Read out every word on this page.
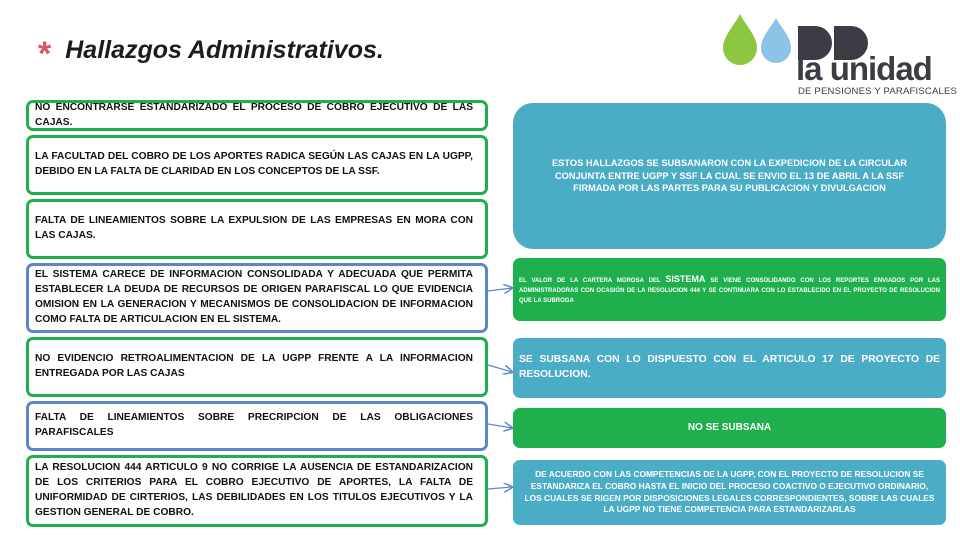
* Hallazgos Administrativos.
la unidad
DE PENSIONES Y PARAFISCALES
NO ENCONTRARSE ESTANDARIZADO EL PROCESO DE COBRO EJECUTIVO DE LAS CAJAS.
LA FACULTAD DEL COBRO DE LOS APORTES RADICA SEGÚN LAS CAJAS EN LA UGPP, DEBIDO EN LA FALTA DE CLARIDAD EN LOS CONCEPTOS DE LA SSF.
FALTA DE LINEAMIENTOS SOBRE LA EXPULSION DE LAS EMPRESAS EN MORA CON LAS CAJAS.
EL SISTEMA CARECE DE INFORMACION CONSOLIDADA Y ADECUADA QUE PERMITA ESTABLECER LA DEUDA DE RECURSOS DE ORIGEN PARAFISCAL LO QUE EVIDENCIA OMISION EN LA GENERACION Y MECANISMOS DE CONSOLIDACION DE INFORMACION COMO FALTA DE ARTICULACION EN EL SISTEMA.
NO EVIDENCIO RETROALIMENTACION DE LA UGPP FRENTE A LA INFORMACION ENTREGADA POR LAS CAJAS
FALTA DE LINEAMIENTOS SOBRE PRECRIPCION DE LAS OBLIGACIONES PARAFISCALES
LA RESOLUCION 444 ARTICULO 9 NO CORRIGE LA AUSENCIA DE ESTANDARIZACION DE LOS CRITERIOS PARA EL COBRO EJECUTIVO DE APORTES, LA FALTA DE UNIFORMIDAD DE CIRTERIOS, LAS DEBILIDADES EN LOS TITULOS EJECUTIVOS Y LA GESTION GENERAL DE COBRO.
ESTOS HALLAZGOS SE SUBSANARON CON LA EXPEDICION DE LA CIRCULAR CONJUNTA ENTRE UGPP Y SSF LA CUAL SE ENVIO EL 13 DE ABRIL A LA SSF FIRMADA POR LAS PARTES PARA SU PUBLICACION Y DIVULGACION
EL VALOR DE LA CARTERA MOROSA DEL SISTEMA SE VIENE CONSOLIDANDO CON LOS REPORTES ENVIADOS POR LAS ADMINISTRADORAS CON OCASIÓN DE LA RESOLUCION 444 Y SE CONTINUARA CON LO ESTABLECIDO EN EL PROYECTO DE RESOLUCION QUE LA SUBROGA
SE SUBSANA CON LO DISPUESTO CON EL ARTICULO 17 DE PROYECTO DE RESOLUCION.
NO SE SUBSANA
DE ACUERDO CON LAS COMPETENCIAS DE LA UGPP, CON EL PROYECTO DE RESOLUCION SE ESTANDARIZA EL COBRO HASTA EL INICIO DEL PROCESO COACTIVO O EJECUTIVO ORDINARIO, LOS CUALES SE RIGEN POR DISPOSICIONES LEGALES CORRESPONDIENTES, SOBRE LAS CUALES LA UGPP NO TIENE COMPETENCIA PARA ESTANDARIZARLAS
